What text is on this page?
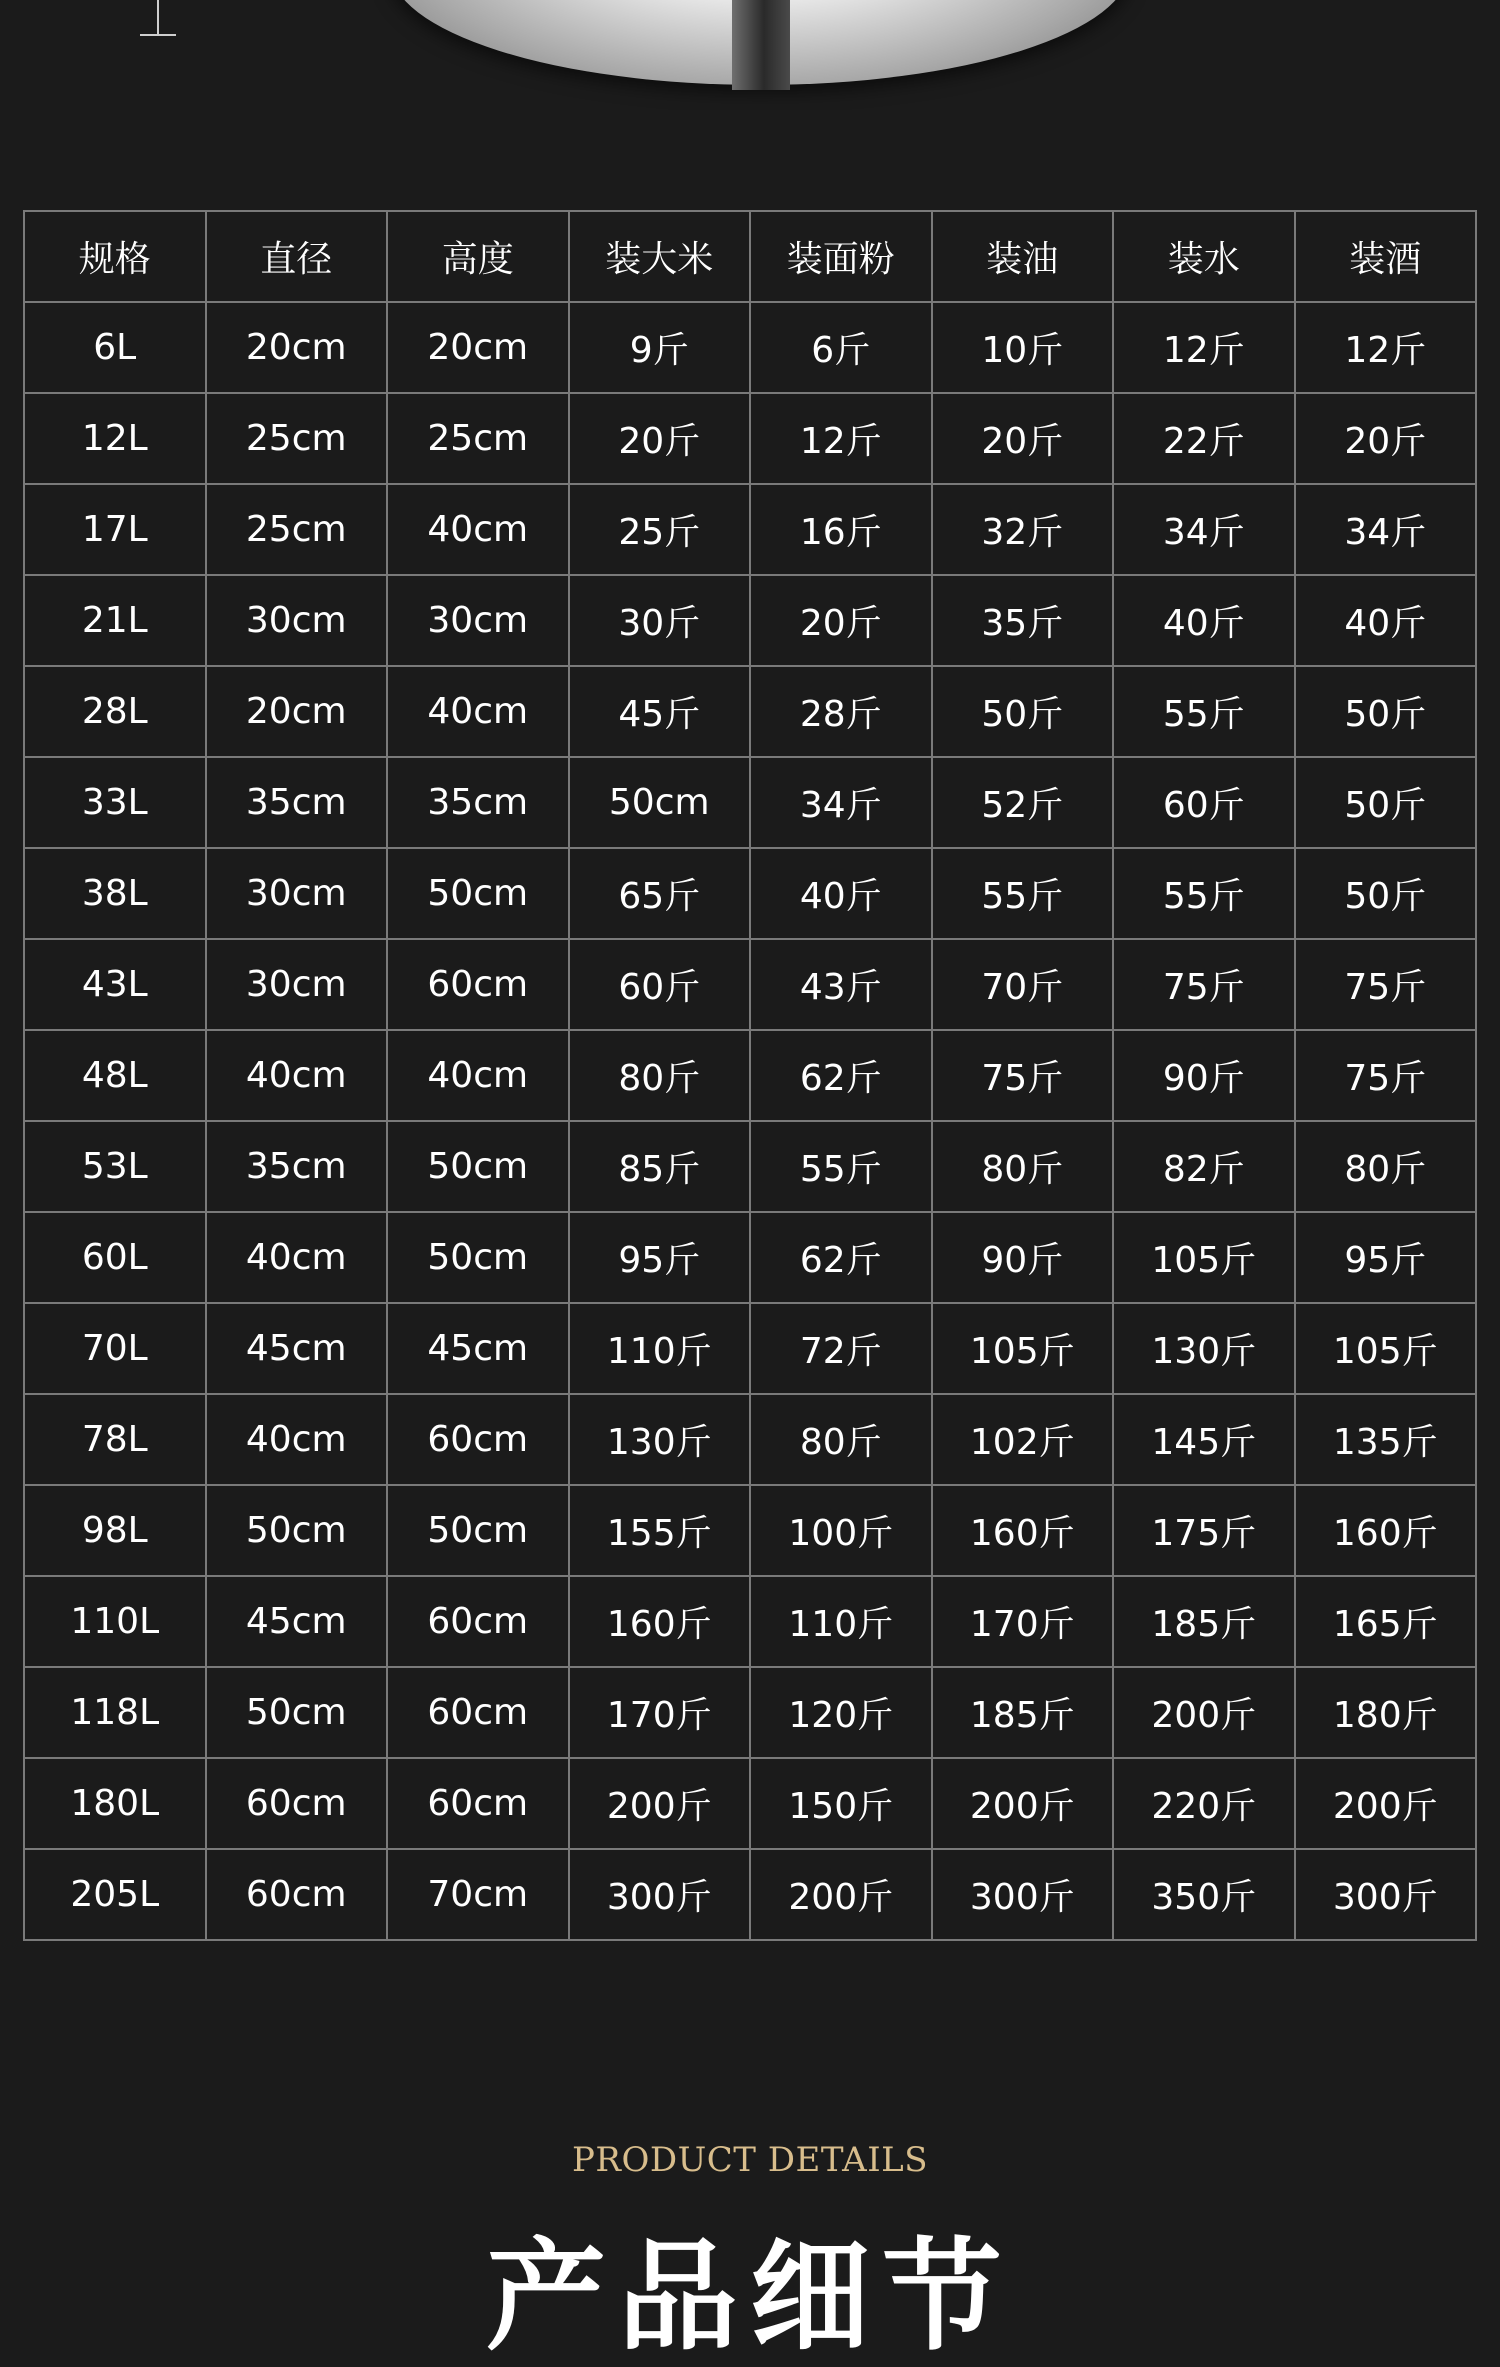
规格	直径	高度	装大米	装面粉	装油	装水	装酒
6L	20cm	20cm	9斤	6斤	10斤	12斤	12斤
12L	25cm	25cm	20斤	12斤	20斤	22斤	20斤
17L	25cm	40cm	25斤	16斤	32斤	34斤	34斤
21L	30cm	30cm	30斤	20斤	35斤	40斤	40斤
28L	20cm	40cm	45斤	28斤	50斤	55斤	50斤
33L	35cm	35cm	50cm	34斤	52斤	60斤	50斤
38L	30cm	50cm	65斤	40斤	55斤	55斤	50斤
43L	30cm	60cm	60斤	43斤	70斤	75斤	75斤
48L	40cm	40cm	80斤	62斤	75斤	90斤	75斤
53L	35cm	50cm	85斤	55斤	80斤	82斤	80斤
60L	40cm	50cm	95斤	62斤	90斤	105斤	95斤
70L	45cm	45cm	110斤	72斤	105斤	130斤	105斤
78L	40cm	60cm	130斤	80斤	102斤	145斤	135斤
98L	50cm	50cm	155斤	100斤	160斤	175斤	160斤
110L	45cm	60cm	160斤	110斤	170斤	185斤	165斤
118L	50cm	60cm	170斤	120斤	185斤	200斤	180斤
180L	60cm	60cm	200斤	150斤	200斤	220斤	200斤
205L	60cm	70cm	300斤	200斤	300斤	350斤	300斤
PRODUCT DETAILS
产品细节
